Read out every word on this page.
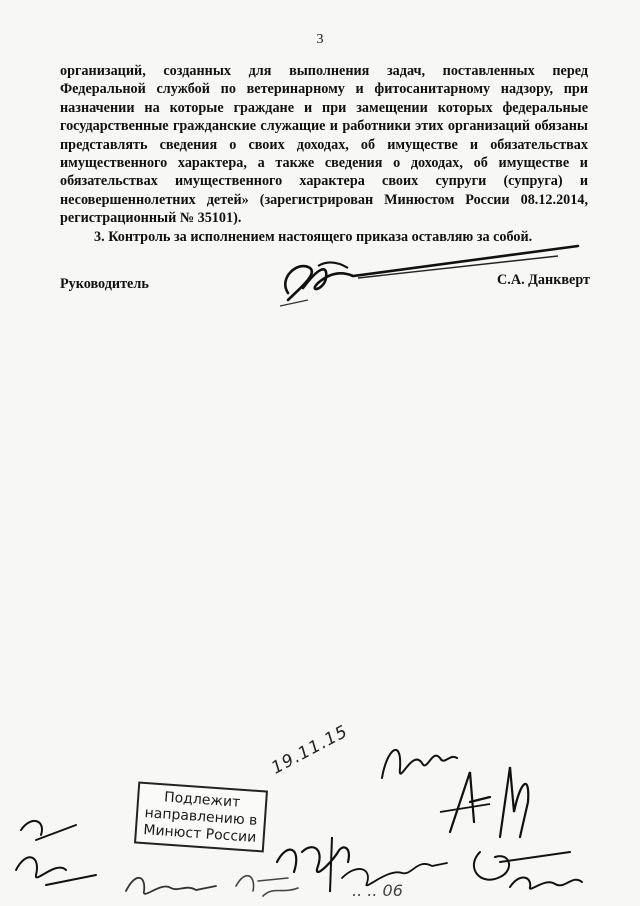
3

организаций, созданных для выполнения задач, поставленных перед Федеральной службой по ветеринарному и фитосанитарному надзору, при назначении на которые граждане и при замещении которых федеральные государственные гражданские служащие и работники этих организаций обязаны представлять сведения о своих доходах, об имуществе и обязательствах имущественного характера, а также сведения о доходах, об имуществе и обязательствах имущественного характера своих супруги (супруга) и несовершеннолетних детей» (зарегистрирован Минюстом России 08.12.2014, регистрационный № 35101).

3. Контроль за исполнением настоящего приказа оставляю за собой.

Руководитель	С.А. Данкверт
19.11.15
.. .. 06
Подлежит
направлению в
Минюст России
